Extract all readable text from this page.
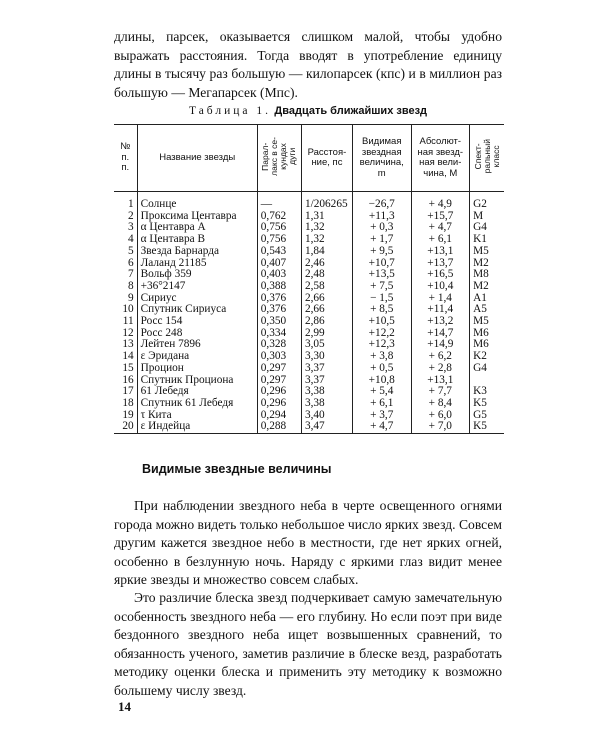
длины, парсек, оказывается слишком малой, чтобы удобно выражать расстояния. Тогда вводят в употребление единицу длины в тысячу раз большую — килопарсек (кпс) и в миллион раз большую — Мегапарсек (Мпс).

Таблица 1. Двадцать ближайших звезд
№ п. п.	Название звезды	Парал-
лакс в се-
кундах
дуги	Расстоя-
ние, пс	Видимая звездная величина, m	Абсолют-
ная звезд-
ная вели-
чина, M	Спект-
ральный
класс

1	Солнце	—	1/206265	−26,7	+ 4,9	G2
2	Проксима Центавра	0,762	1,31	+11,3	+15,7	M
3	α Центавра А	0,756	1,32	+ 0,3	+ 4,7	G4
4	α Центавра В	0,756	1,32	+ 1,7	+ 6,1	K1
5	Звезда Барнарда	0,543	1,84	+ 9,5	+13,1	M5
6	Лаланд 21185	0,407	2,46	+10,7	+13,7	M2
7	Вольф 359	0,403	2,48	+13,5	+16,5	M8
8	+36°2147	0,388	2,58	+ 7,5	+10,4	M2
9	Сириус	0,376	2,66	− 1,5	+ 1,4	A1
10	Спутник Сириуса	0,376	2,66	+ 8,5	+11,4	A5
11	Росс 154	0,350	2,86	+10,5	+13,2	M5
12	Росс 248	0,334	2,99	+12,2	+14,7	M6
13	Лейтен 7896	0,328	3,05	+12,3	+14,9	M6
14	ε Эридана	0,303	3,30	+ 3,8	+ 6,2	K2
15	Процион	0,297	3,37	+ 0,5	+ 2,8	G4
16	Спутник Проциона	0,297	3,37	+10,8	+13,1	
17	61 Лебедя	0,296	3,38	+ 5,4	+ 7,7	K3
18	Спутник 61 Лебедя	0,296	3,38	+ 6,1	+ 8,4	K5
19	τ Кита	0,294	3,40	+ 3,7	+ 6,0	G5
20	ε Индейца	0,288	3,47	+ 4,7	+ 7,0	K5
Видимые звездные величины

При наблюдении звездного неба в черте освещенного огнями города можно видеть только небольшое число ярких звезд. Совсем другим кажется звездное небо в местности, где нет ярких огней, особенно в безлунную ночь. Наряду с яркими глаз видит менее яркие звезды и множество совсем слабых.

Это различие блеска звезд подчеркивает самую замечательную особенность звездного неба — его глубину. Но если поэт при виде бездонного звездного неба ищет возвышенных сравнений, то обязанность ученого, заметив различие в блеске везд, разработать методику оценки блеска и применить эту методику к возможно большему числу звезд.

14
